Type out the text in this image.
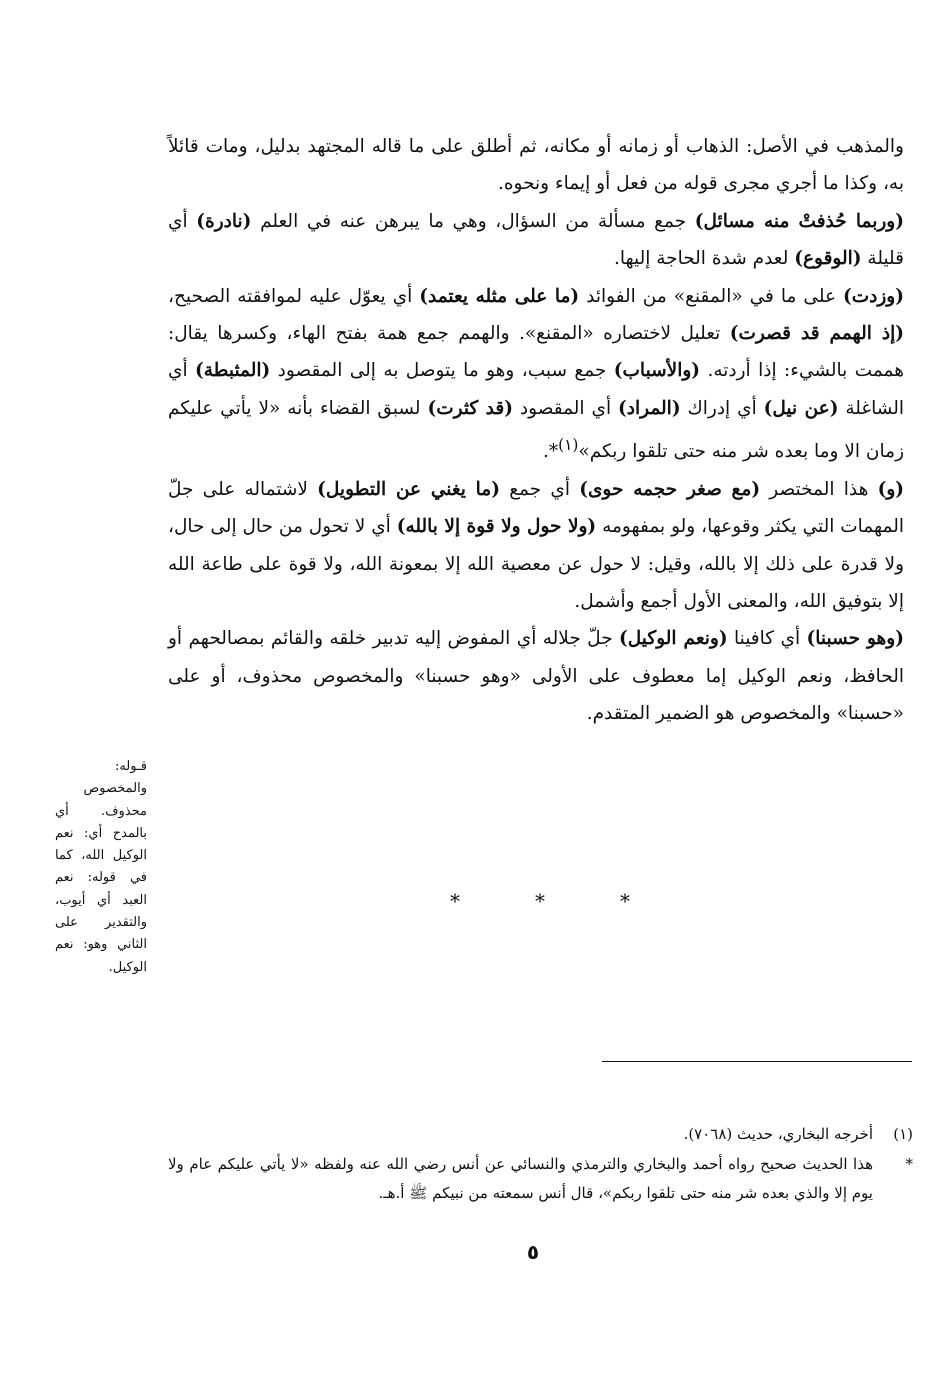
والمذهب في الأصل: الذهاب أو زمانه أو مكانه، ثم أطلق على ما قاله المجتهد بدليل، ومات قائلاً به، وكذا ما أجري مجرى قوله من فعل أو إيماء ونحوه.

(وربما حُذفتْ منه مسائل) جمع مسألة من السؤال، وهي ما يبرهن عنه في العلم (نادرة) أي قليلة (الوقوع) لعدم شدة الحاجة إليها.

(وزدت) على ما في «المقنع» من الفوائد (ما على مثله يعتمد) أي يعوّل عليه لموافقته الصحيح، (إذ الهمم قد قصرت) تعليل لاختصاره «المقنع». والهمم جمع همة بفتح الهاء، وكسرها يقال: هممت بالشيء: إذا أردته. (والأسباب) جمع سبب، وهو ما يتوصل به إلى المقصود (المثبطة) أي الشاغلة (عن نيل) أي إدراك (المراد) أي المقصود (قد كثرت) لسبق القضاء بأنه «لا يأتي عليكم زمان الا وما بعده شر منه حتى تلقوا ربكم»$^{(١)}$*.

(و) هذا المختصر (مع صغر حجمه حوى) أي جمع (ما يغني عن التطويل) لاشتماله على جلّ المهمات التي يكثر وقوعها، ولو بمفهومه (ولا حول ولا قوة إلا بالله) أي لا تحول من حال إلى حال، ولا قدرة على ذلك إلا بالله، وقيل: لا حول عن معصية الله إلا بمعونة الله، ولا قوة على طاعة الله إلا بتوفيق الله، والمعنى الأول أجمع وأشمل.

(وهو حسبنا) أي كافينا (ونعم الوكيل) جلّ جلاله أي المفوض إليه تدبير خلقه والقائم بمصالحهم أو الحافظ، ونعم الوكيل إما معطوف على الأولى «وهو حسبنا» والمخصوص محذوف، أو على «حسبنا» والمخصوص هو الضمير المتقدم.

قـوله: والمخصوص محذوف. أي بالمدح أي: نعم الوكيل الله، كما في قوله: نعم العبد أي أيوب، والتقدير على الثاني وهو: نعم الوكيل.
*	*	*
(١)
أخرجه البخاري، حديث (٧٠٦٨).
*
هذا الحديث صحيح رواه أحمد والبخاري والترمذي والنسائي عن أنس رضي الله عنه ولفظه «لا يأتي عليكم عام ولا يوم إلا والذي بعده شر منه حتى تلقوا ربكم»، قال أنس سمعته من نبيكم ﷺ أ.هـ.
٥
